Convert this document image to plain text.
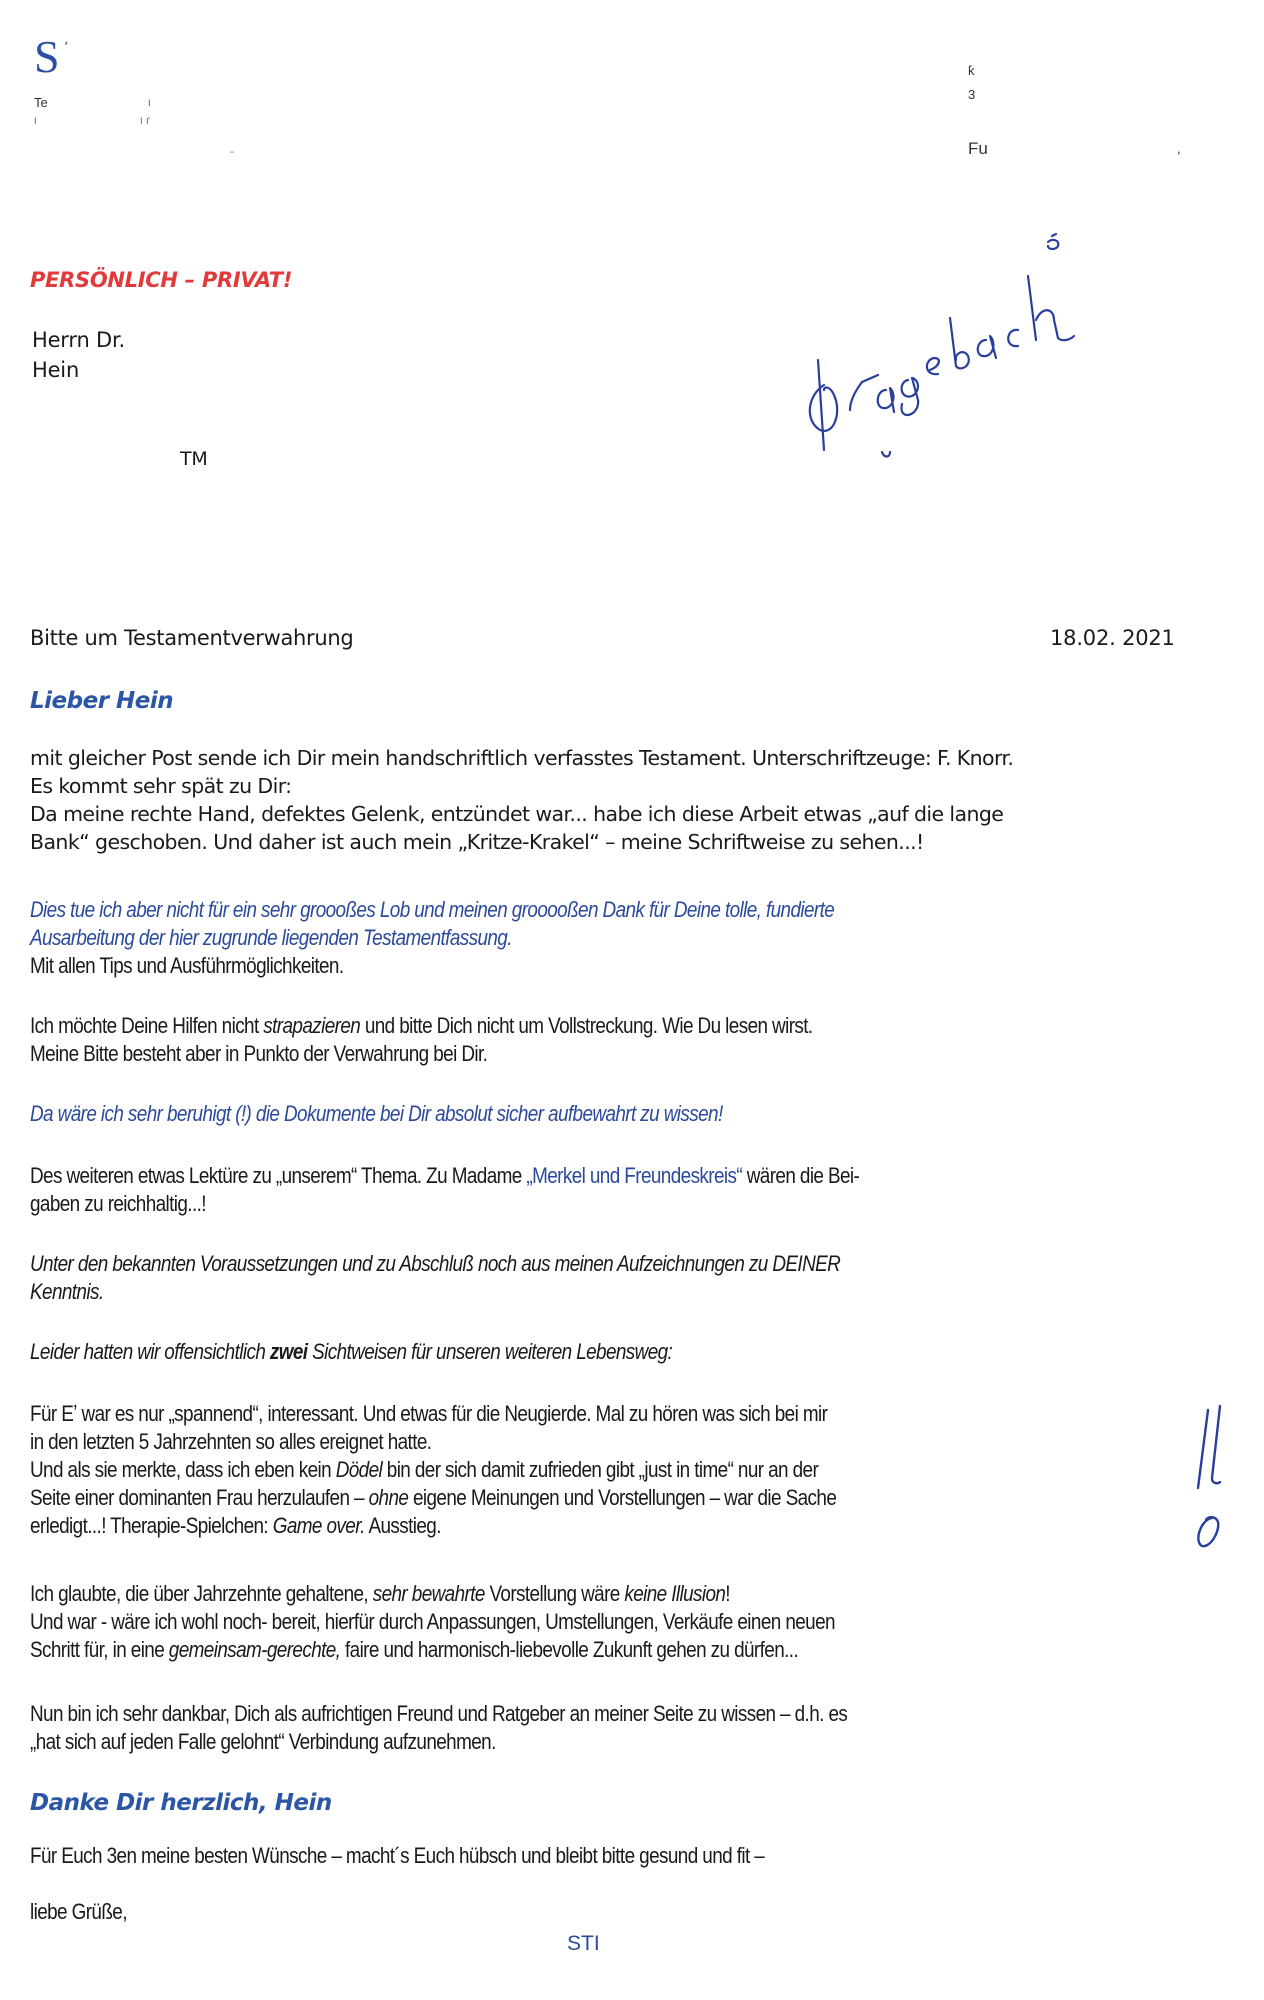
S ʼ
Te	ι
ι	ι ɾ
-
ƙ
3
Fu	,
PERSÖNLICH – PRIVAT!
Herrn Dr.
Hein
TM
Bitte um Testamentverwahrung	18.02. 2021
Lieber Hein
mit gleicher Post sende ich Dir mein handschriftlich verfasstes Testament. Unterschriftzeuge: F. Knorr.
Es kommt sehr spät zu Dir:
Da meine rechte Hand, defektes Gelenk, entzündet war... habe ich diese Arbeit etwas „auf die lange
Bank“ geschoben. Und daher ist auch mein „Kritze-Krakel“ – meine Schriftweise zu sehen...!
Dies tue ich aber nicht für ein sehr groooßes Lob und meinen grooooßen Dank für Deine tolle, fundierte
Ausarbeitung der hier zugrunde liegenden Testamentfassung.
Mit allen Tips und Ausführmöglichkeiten.
Ich möchte Deine Hilfen nicht strapazieren und bitte Dich nicht um Vollstreckung. Wie Du lesen wirst.
Meine Bitte besteht aber in Punkto der Verwahrung bei Dir.
Da wäre ich sehr beruhigt (!) die Dokumente bei Dir absolut sicher aufbewahrt zu wissen!
Des weiteren etwas Lektüre zu „unserem“ Thema. Zu Madame „Merkel und Freundeskreis“ wären die Bei-
gaben zu reichhaltig...!
Unter den bekannten Voraussetzungen und zu Abschluß noch aus meinen Aufzeichnungen zu DEINER
Kenntnis.
Leider hatten wir offensichtlich zwei Sichtweisen für unseren weiteren Lebensweg:
Für Eʼ war es nur „spannend“, interessant. Und etwas für die Neugierde. Mal zu hören was sich bei mir
in den letzten 5 Jahrzehnten so alles ereignet hatte.
Und als sie merkte, dass ich eben kein Dödel bin der sich damit zufrieden gibt „just in time“ nur an der
Seite einer dominanten Frau herzulaufen – ohne eigene Meinungen und Vorstellungen – war die Sache
erledigt...! Therapie-Spielchen: Game over. Ausstieg.
Ich glaubte, die über Jahrzehnte gehaltene, sehr bewahrte Vorstellung wäre keine Illusion!
Und war - wäre ich wohl noch- bereit, hierfür durch Anpassungen, Umstellungen, Verkäufe einen neuen
Schritt für, in eine gemeinsam-gerechte, faire und harmonisch-liebevolle Zukunft gehen zu dürfen...
Nun bin ich sehr dankbar, Dich als aufrichtigen Freund und Ratgeber an meiner Seite zu wissen – d.h. es
„hat sich auf jeden Falle gelohnt“ Verbindung aufzunehmen.
Danke Dir herzlich, Hein
Für Euch 3en meine besten Wünsche – macht´s Euch hübsch und bleibt bitte gesund und fit –
liebe Grüße,
STI
